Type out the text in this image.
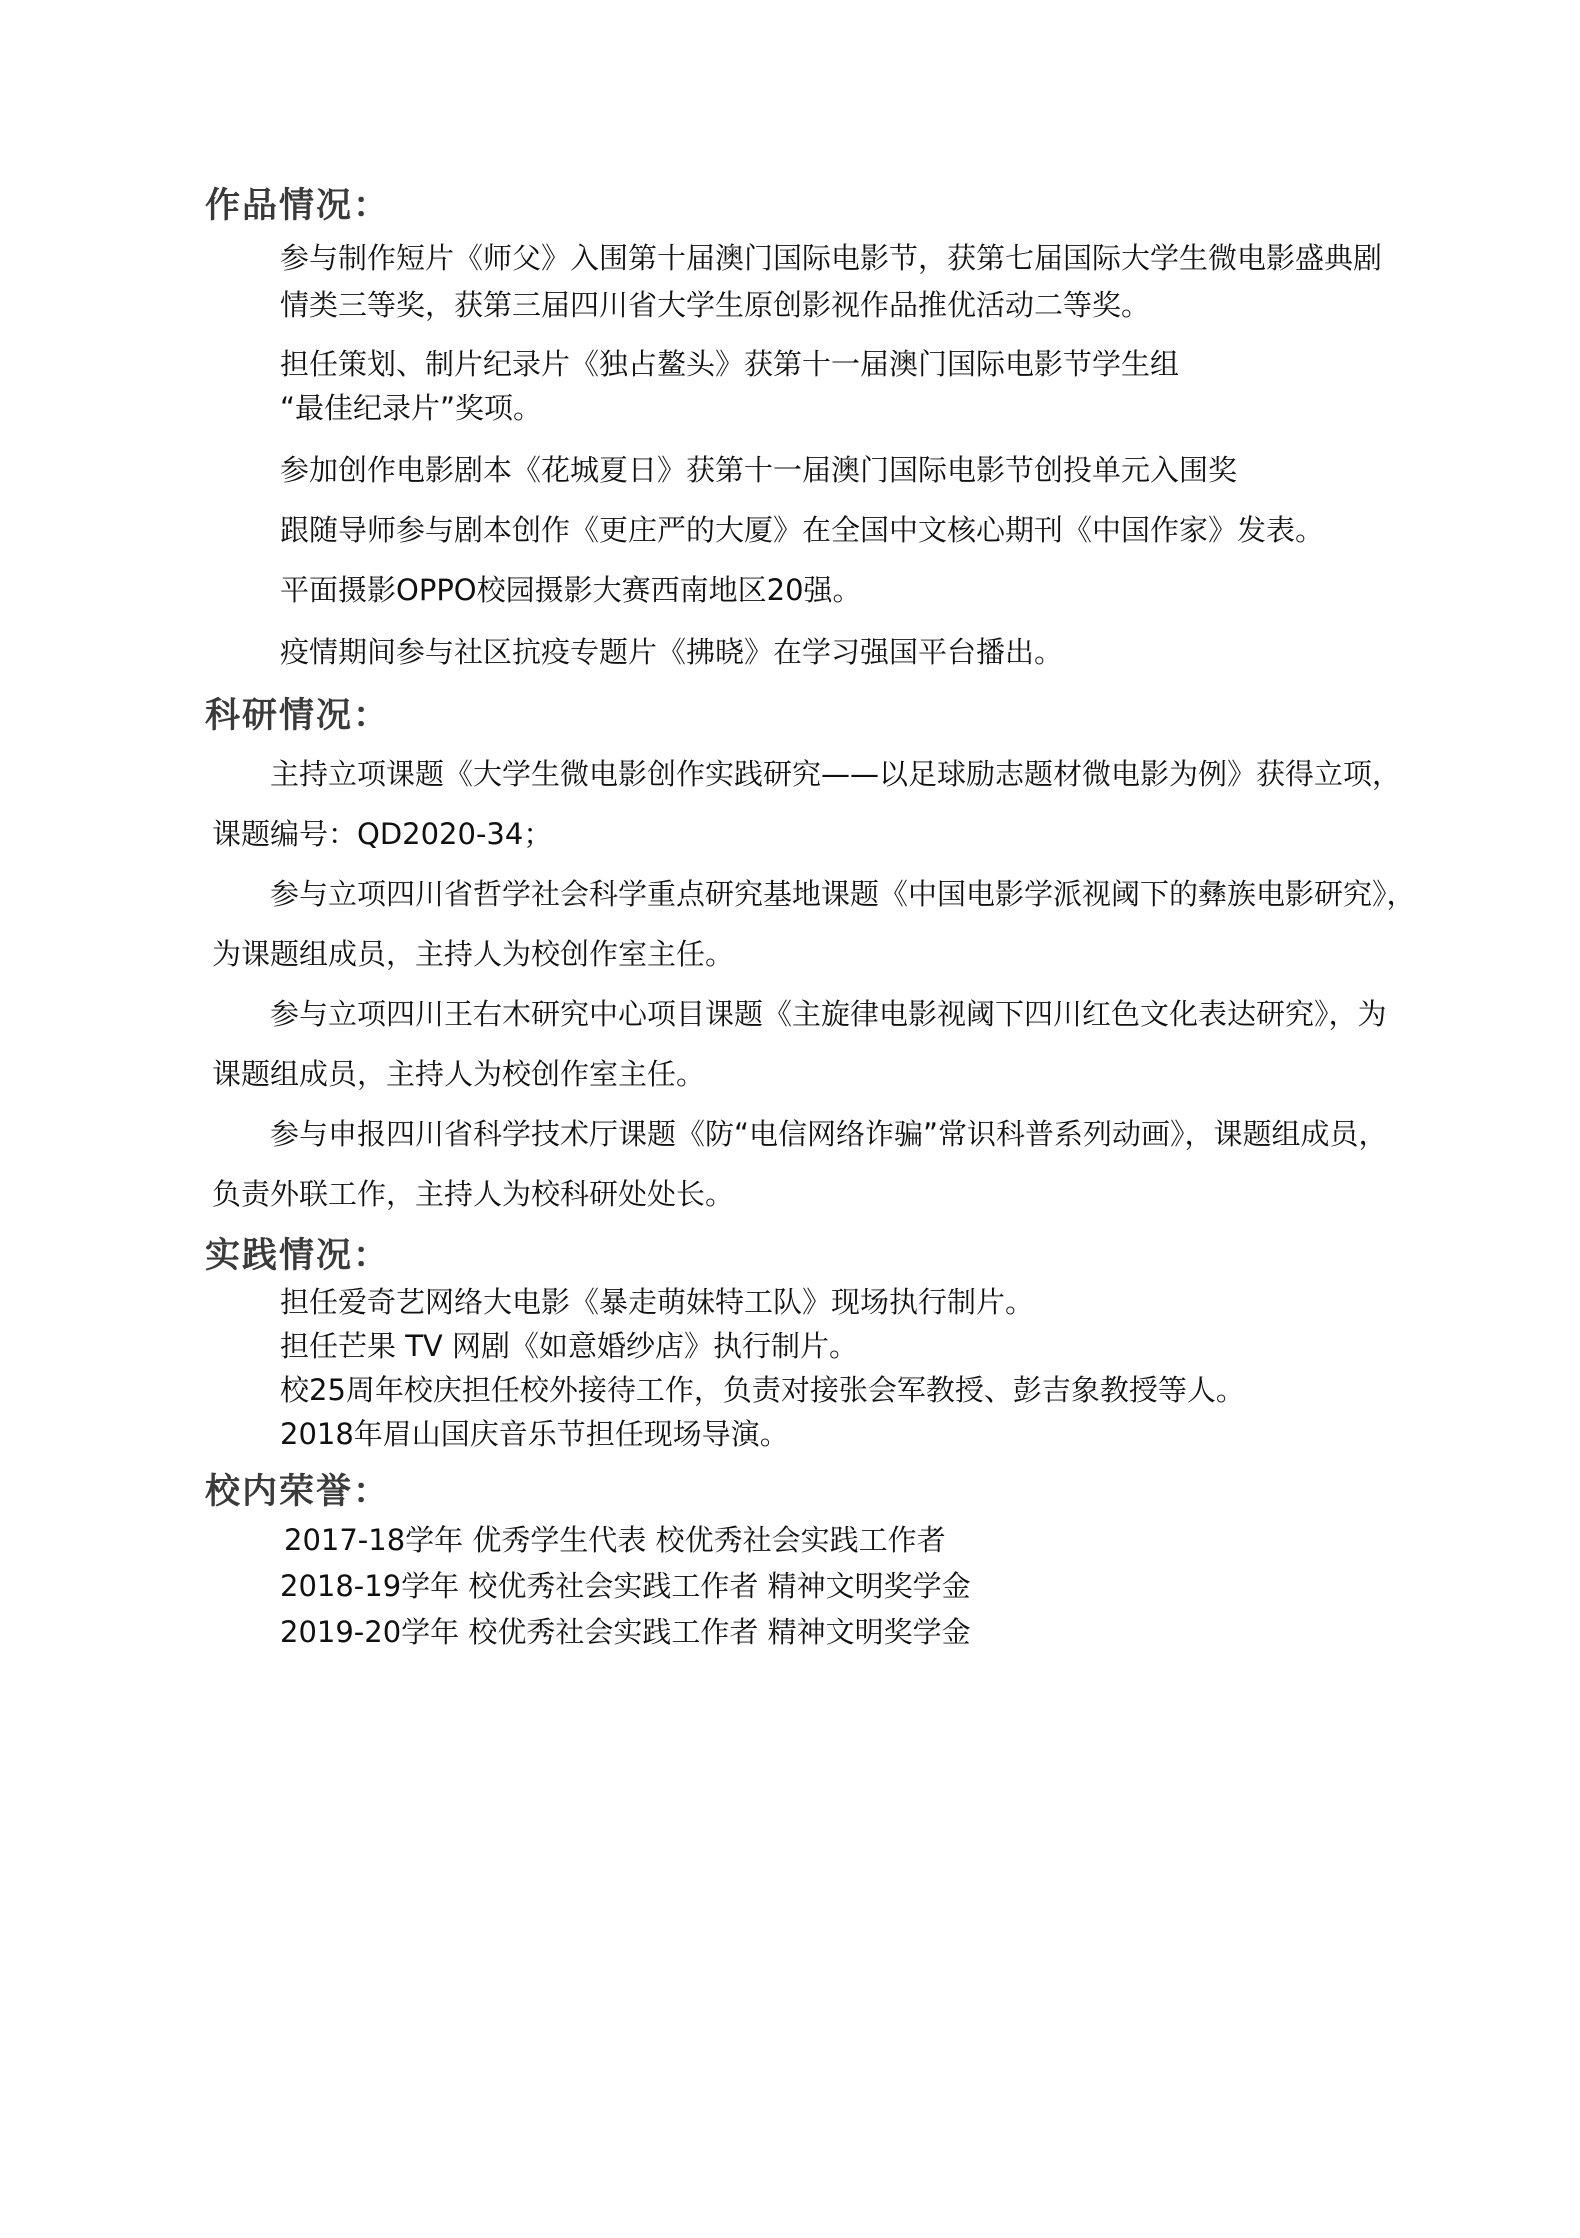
作品情况：
参与制作短片《师父》入围第十届澳门国际电影节，获第七届国际大学生微电影盛典剧
情类三等奖，获第三届四川省大学生原创影视作品推优活动二等奖。
担任策划、制片纪录片《独占鳌头》获第十一届澳门国际电影节学生组
“最佳纪录片”奖项。
参加创作电影剧本《花城夏日》获第十一届澳门国际电影节创投单元入围奖
跟随导师参与剧本创作《更庄严的大厦》在全国中文核心期刊《中国作家》发表。
平面摄影OPPO校园摄影大赛西南地区20强。
疫情期间参与社区抗疫专题片《拂晓》在学习强国平台播出。
科研情况：
主持立项课题《大学生微电影创作实践研究——以足球励志题材微电影为例》获得立项，
课题编号：QD2020-34；
参与立项四川省哲学社会科学重点研究基地课题《中国电影学派视阈下的彝族电影研究》，
为课题组成员，主持人为校创作室主任。
参与立项四川王右木研究中心项目课题《主旋律电影视阈下四川红色文化表达研究》，为
课题组成员，主持人为校创作室主任。
参与申报四川省科学技术厅课题《防“电信网络诈骗”常识科普系列动画》，课题组成员，
负责外联工作，主持人为校科研处处长。
实践情况：
担任爱奇艺网络大电影《暴走萌妹特工队》现场执行制片。
担任芒果 TV 网剧《如意婚纱店》执行制片。
校25周年校庆担任校外接待工作，负责对接张会军教授、彭吉象教授等人。
2018年眉山国庆音乐节担任现场导演。
校内荣誉：
2017-18学年 优秀学生代表 校优秀社会实践工作者
2018-19学年 校优秀社会实践工作者 精神文明奖学金
2019-20学年 校优秀社会实践工作者 精神文明奖学金
